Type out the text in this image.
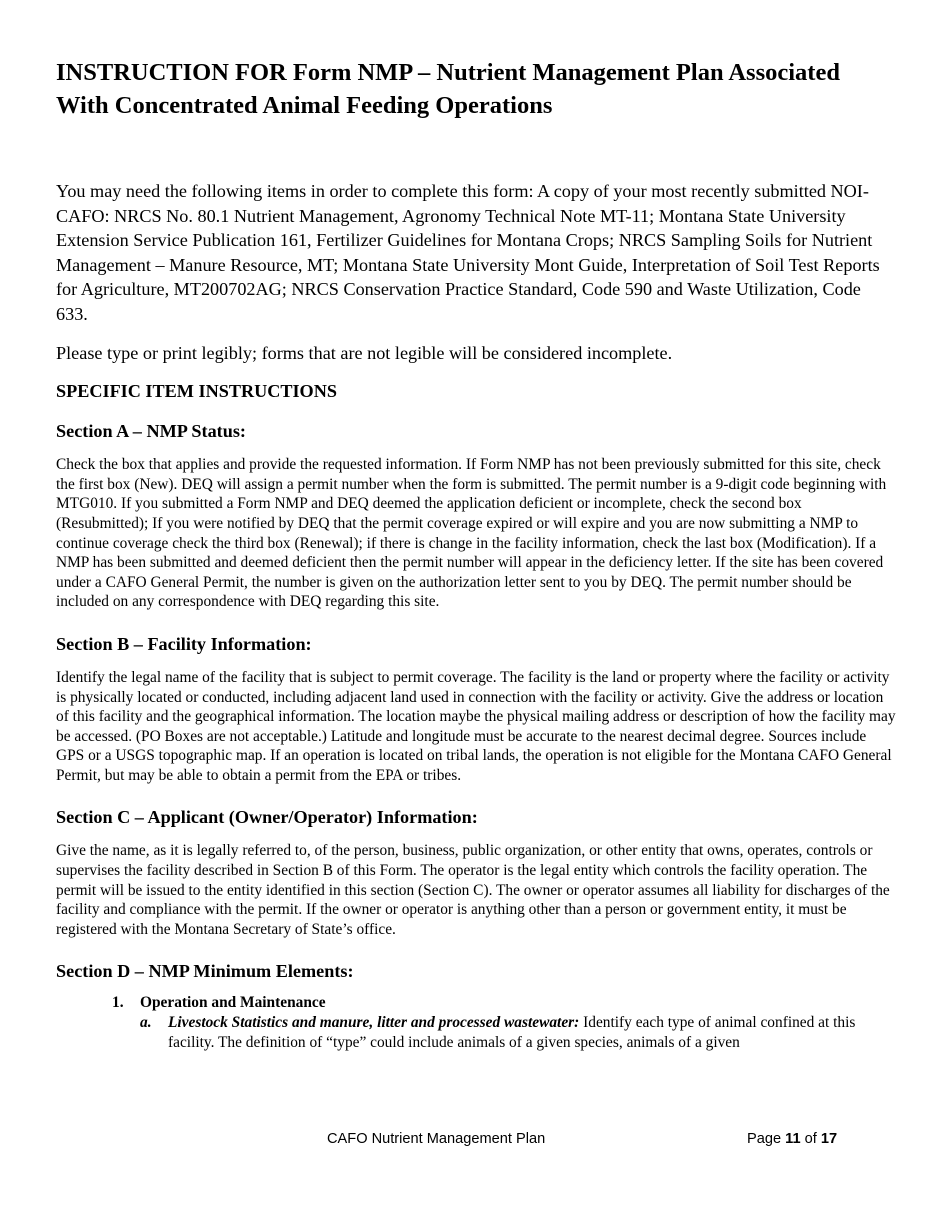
INSTRUCTION FOR Form NMP – Nutrient Management Plan Associated With Concentrated Animal Feeding Operations

You may need the following items in order to complete this form: A copy of your most recently submitted NOI-CAFO: NRCS No. 80.1 Nutrient Management, Agronomy Technical Note MT-11; Montana State University Extension Service Publication 161, Fertilizer Guidelines for Montana Crops; NRCS Sampling Soils for Nutrient Management – Manure Resource, MT; Montana State University Mont Guide, Interpretation of Soil Test Reports for Agriculture, MT200702AG; NRCS Conservation Practice Standard, Code 590 and Waste Utilization, Code 633.

Please type or print legibly; forms that are not legible will be considered incomplete.

SPECIFIC ITEM INSTRUCTIONS
Section A – NMP Status:

Check the box that applies and provide the requested information. If Form NMP has not been previously submitted for this site, check the first box (New). DEQ will assign a permit number when the form is submitted. The permit number is a 9-digit code beginning with MTG010. If you submitted a Form NMP and DEQ deemed the application deficient or incomplete, check the second box (Resubmitted); If you were notified by DEQ that the permit coverage expired or will expire and you are now submitting a NMP to continue coverage check the third box (Renewal); if there is change in the facility information, check the last box (Modification). If a NMP has been submitted and deemed deficient then the permit number will appear in the deficiency letter. If the site has been covered under a CAFO General Permit, the number is given on the authorization letter sent to you by DEQ. The permit number should be included on any correspondence with DEQ regarding this site.

Section B – Facility Information:

Identify the legal name of the facility that is subject to permit coverage. The facility is the land or property where the facility or activity is physically located or conducted, including adjacent land used in connection with the facility or activity. Give the address or location of this facility and the geographical information. The location maybe the physical mailing address or description of how the facility may be accessed. (PO Boxes are not acceptable.) Latitude and longitude must be accurate to the nearest decimal degree. Sources include GPS or a USGS topographic map. If an operation is located on tribal lands, the operation is not eligible for the Montana CAFO General Permit, but may be able to obtain a permit from the EPA or tribes.

Section C – Applicant (Owner/Operator) Information:

Give the name, as it is legally referred to, of the person, business, public organization, or other entity that owns, operates, controls or supervises the facility described in Section B of this Form. The operator is the legal entity which controls the facility operation. The permit will be issued to the entity identified in this section (Section C). The owner or operator assumes all liability for discharges of the facility and compliance with the permit. If the owner or operator is anything other than a person or government entity, it must be registered with the Montana Secretary of State’s office.

Section D – NMP Minimum Elements:
1. Operation and Maintenance
a. Livestock Statistics and manure, litter and processed wastewater: Identify each type of animal confined at this facility. The definition of “type” could include animals of a given species, animals of a given
CAFO Nutrient Management Plan	Page 11 of 17
